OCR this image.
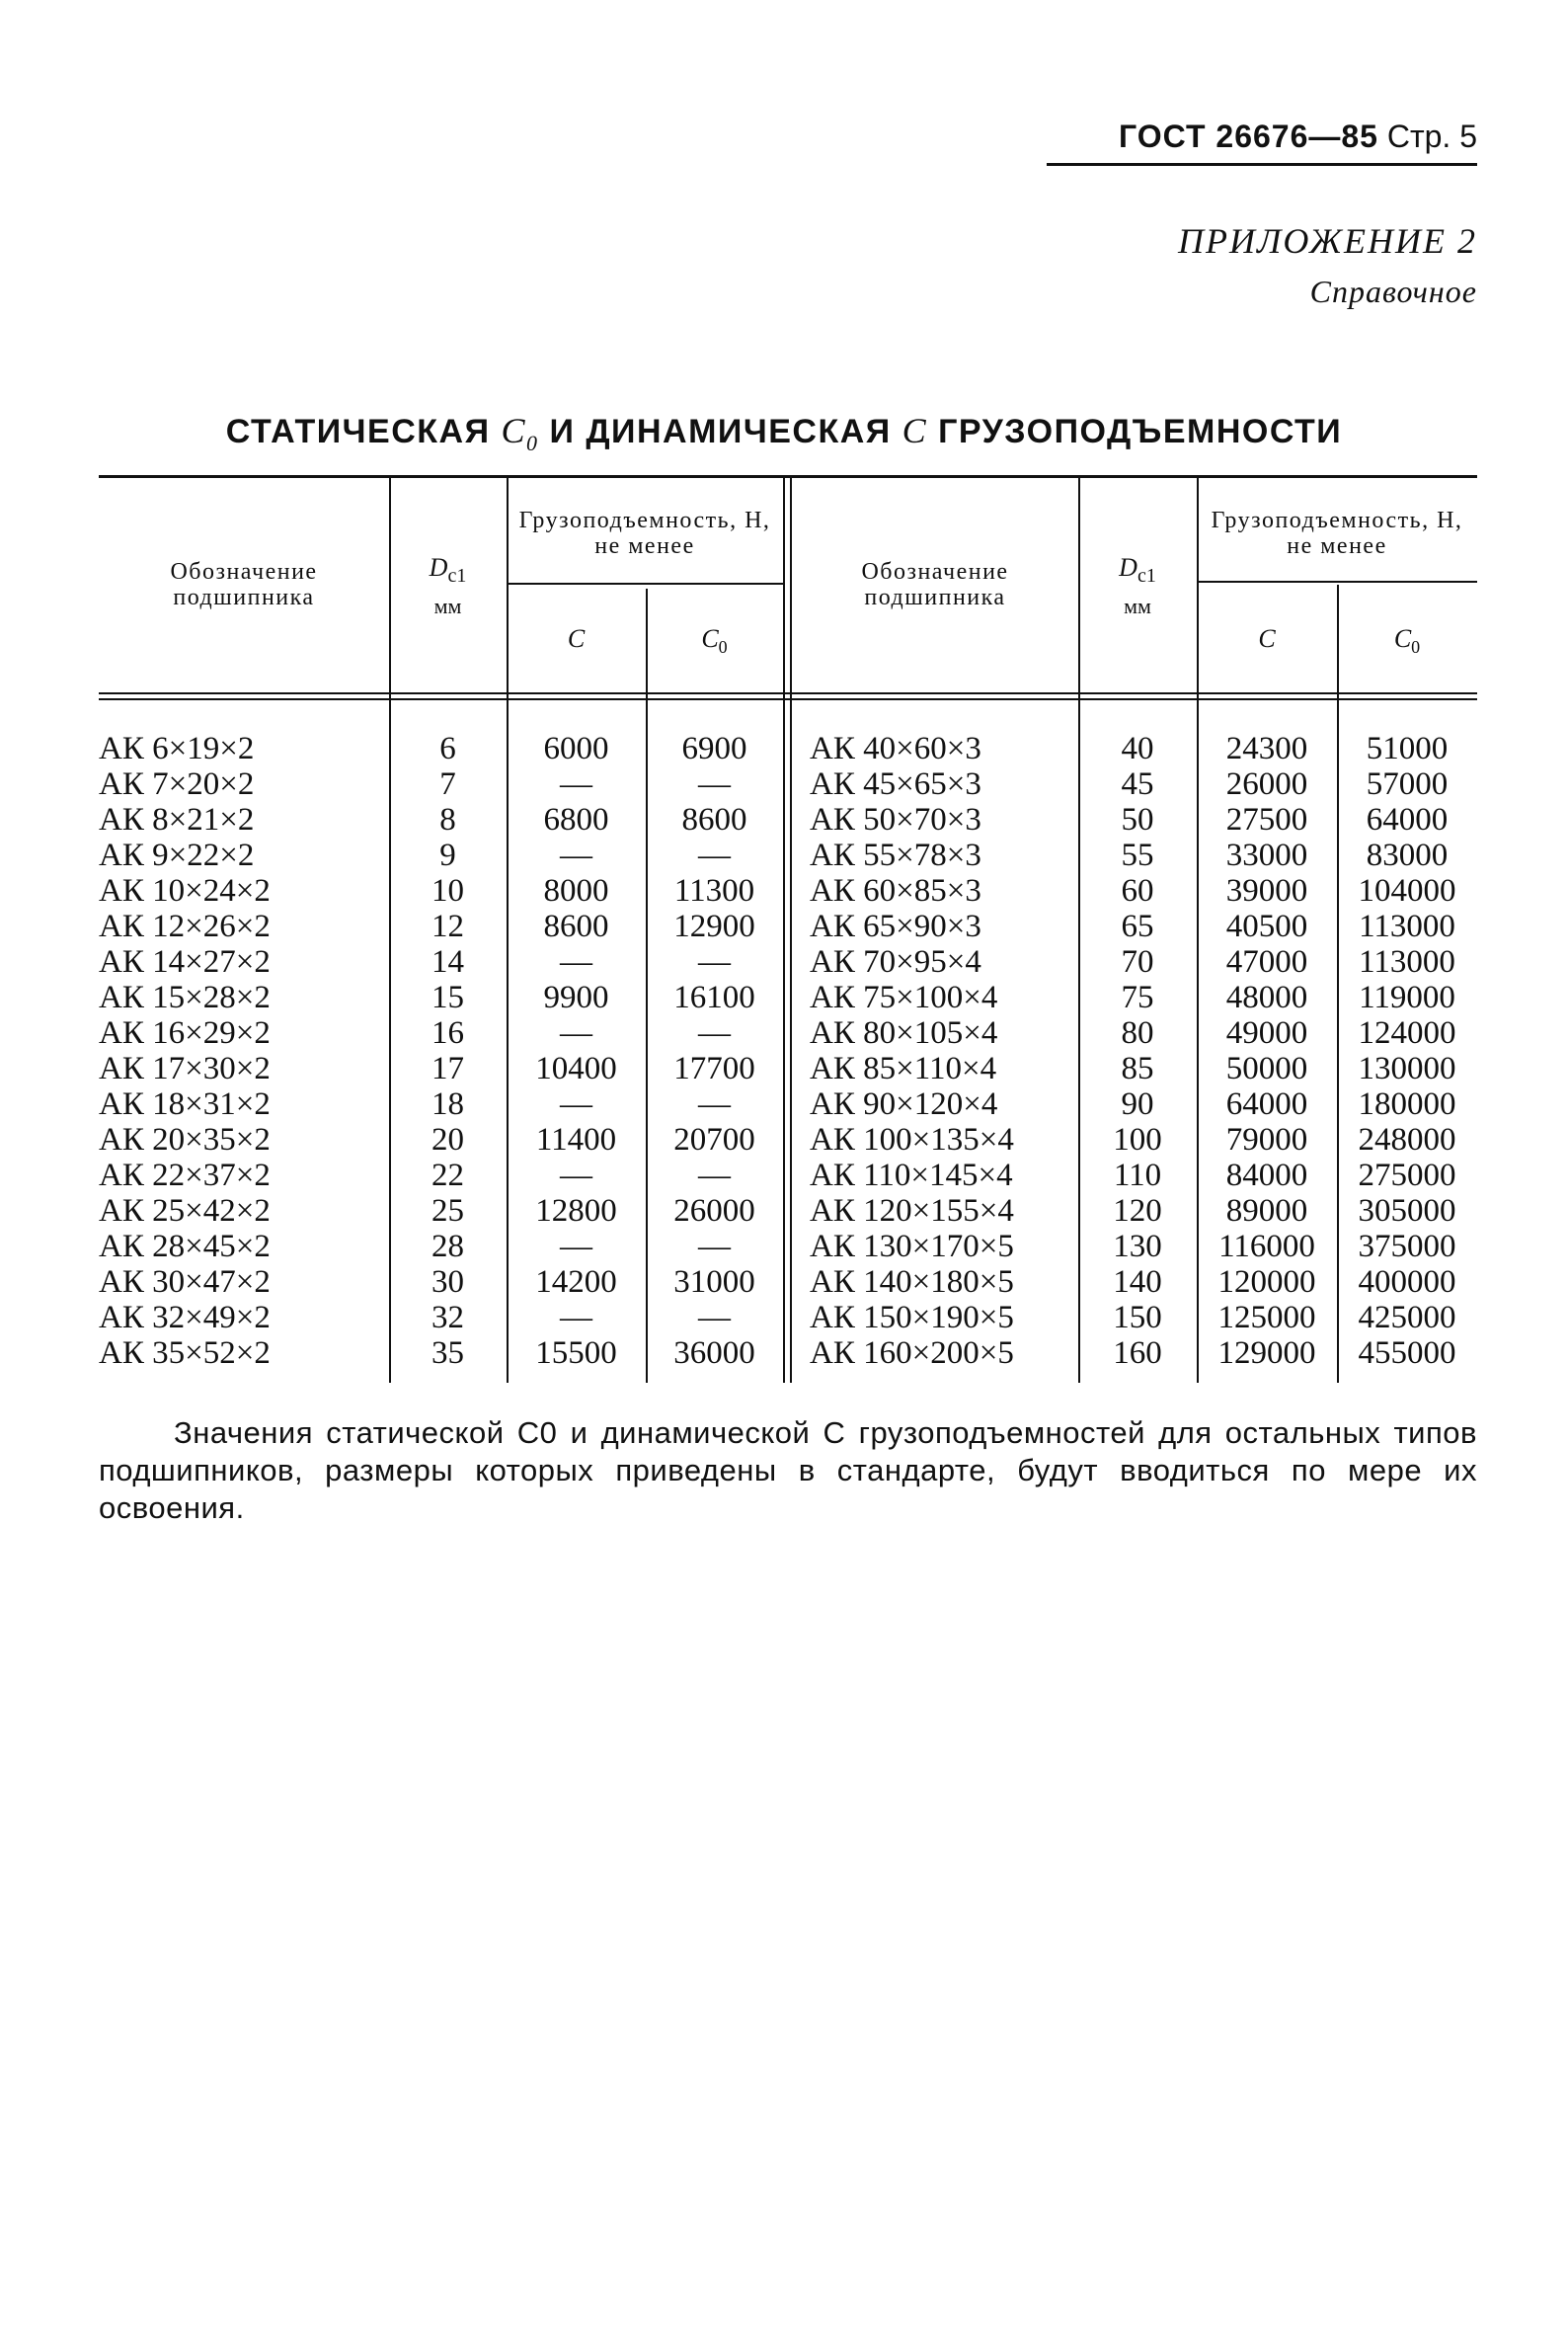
ГОСТ 26676—85 Стр. 5
ПРИЛОЖЕНИЕ 2
Справочное
СТАТИЧЕСКАЯ $C_0$ И ДИНАМИЧЕСКАЯ C ГРУЗОПОДЪЕМНОСТИ
Обозначение подшипника
$D_{c1}$
мм
Грузоподъемность, Н, не менее
C	$C_0$
Обозначение подшипника
$D_{c1}$
мм
Грузоподъемность, Н, не менее
C	$C_0$
АК 6×19×2	6	6000	6900	АК 40×60×3	40	24300	51000
АК 7×20×2	7	—	—	АК 45×65×3	45	26000	57000
АК 8×21×2	8	6800	8600	АК 50×70×3	50	27500	64000
АК 9×22×2	9	—	—	АК 55×78×3	55	33000	83000
АК 10×24×2	10	8000	11300	АК 60×85×3	60	39000	104000
АК 12×26×2	12	8600	12900	АК 65×90×3	65	40500	113000
АК 14×27×2	14	—	—	АК 70×95×4	70	47000	113000
АК 15×28×2	15	9900	16100	АК 75×100×4	75	48000	119000
АК 16×29×2	16	—	—	АК 80×105×4	80	49000	124000
АК 17×30×2	17	10400	17700	АК 85×110×4	85	50000	130000
АК 18×31×2	18	—	—	АК 90×120×4	90	64000	180000
АК 20×35×2	20	11400	20700	АК 100×135×4	100	79000	248000
АК 22×37×2	22	—	—	АК 110×145×4	110	84000	275000
АК 25×42×2	25	12800	26000	АК 120×155×4	120	89000	305000
АК 28×45×2	28	—	—	АК 130×170×5	130	116000	375000
АК 30×47×2	30	14200	31000	АК 140×180×5	140	120000	400000
АК 32×49×2	32	—	—	АК 150×190×5	150	125000	425000
АК 35×52×2	35	15500	36000	АК 160×200×5	160	129000	455000
Значения статической C0 и динамической C грузоподъемностей для остальных типов подшипников, размеры которых приведены в стандарте, будут вводиться по мере их освоения.
